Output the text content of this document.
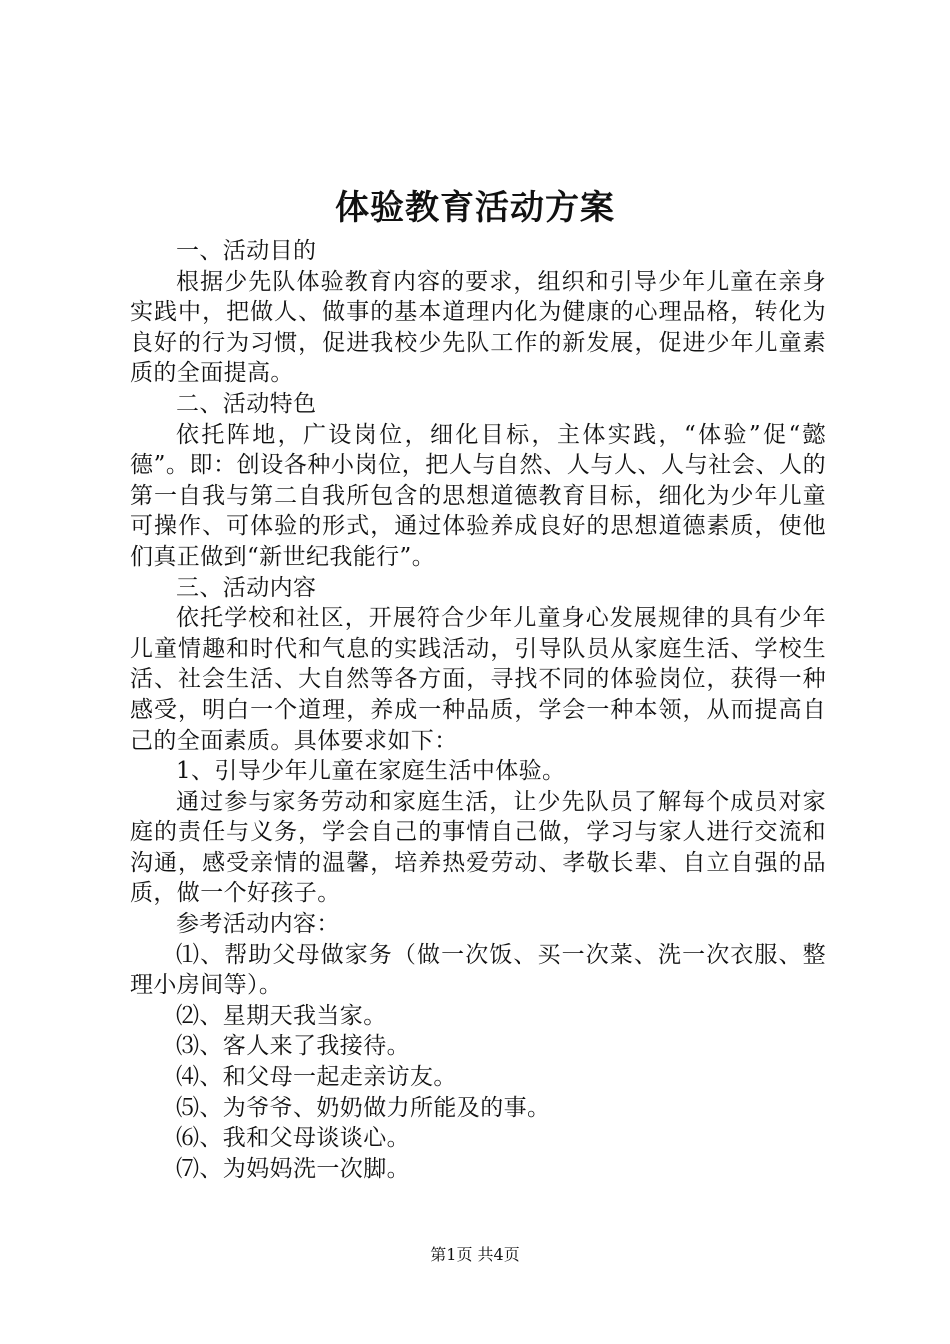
体验教育活动方案

一、活动目的

根据少先队体验教育内容的要求，组织和引导少年儿童在亲身实践中，把做人、做事的基本道理内化为健康的心理品格，转化为良好的行为习惯，促进我校少先队工作的新发展，促进少年儿童素质的全面提高。

二、活动特色

依托阵地，广设岗位，细化目标，主体实践，“体验”促“懿德”。即：创设各种小岗位，把人与自然、人与人、人与社会、人的第一自我与第二自我所包含的思想道德教育目标，细化为少年儿童可操作、可体验的形式，通过体验养成良好的思想道德素质，使他们真正做到“新世纪我能行”。

三、活动内容

依托学校和社区，开展符合少年儿童身心发展规律的具有少年儿童情趣和时代和气息的实践活动，引导队员从家庭生活、学校生活、社会生活、大自然等各方面，寻找不同的体验岗位，获得一种感受，明白一个道理，养成一种品质，学会一种本领，从而提高自己的全面素质。具体要求如下：

1、引导少年儿童在家庭生活中体验。

通过参与家务劳动和家庭生活，让少先队员了解每个成员对家庭的责任与义务，学会自己的事情自己做，学习与家人进行交流和沟通，感受亲情的温馨，培养热爱劳动、孝敬长辈、自立自强的品质，做一个好孩子。

参考活动内容：

⑴、帮助父母做家务（做一次饭、买一次菜、洗一次衣服、整理小房间等）。

⑵、星期天我当家。

⑶、客人来了我接待。

⑷、和父母一起走亲访友。

⑸、为爷爷、奶奶做力所能及的事。

⑹、我和父母谈谈心。

⑺、为妈妈洗一次脚。

第1页 共4页
